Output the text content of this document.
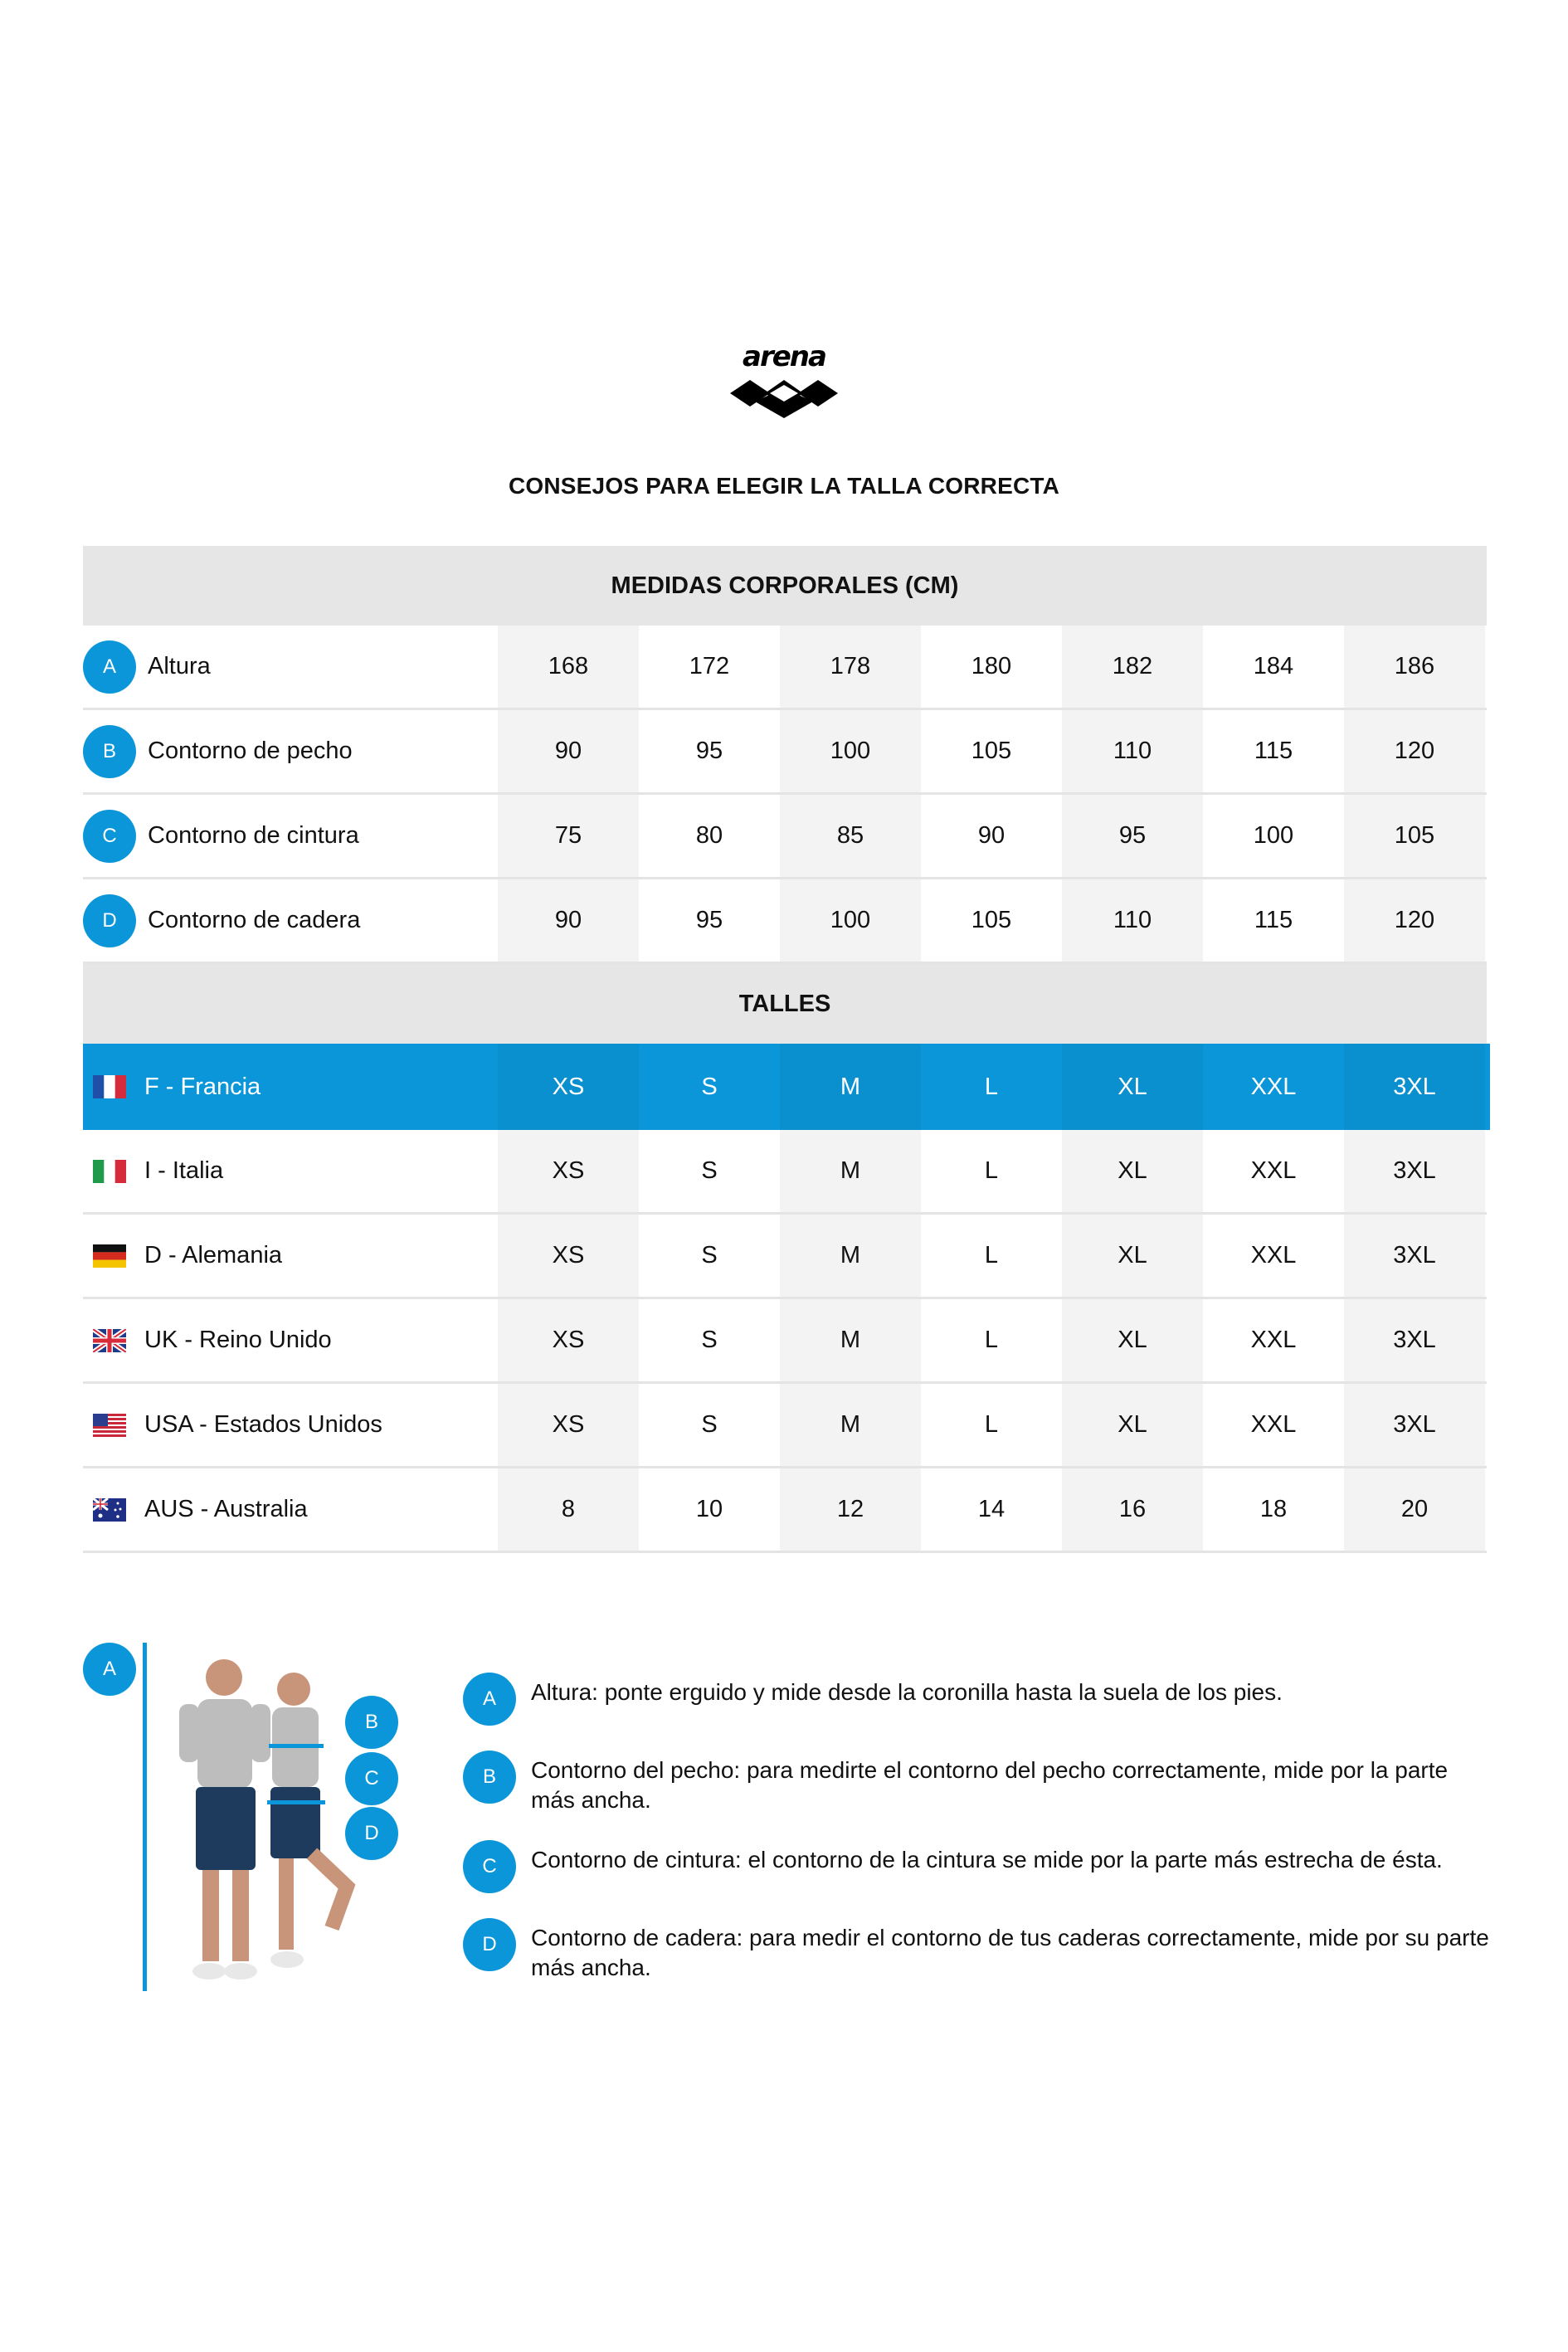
arena
CONSEJOS PARA ELEGIR LA TALLA CORRECTA
MEDIDAS CORPORALES (CM)
A	Altura	168	172	178	180	182	184	186
B	Contorno de pecho	90	95	100	105	110	115	120
C	Contorno de cintura	75	80	85	90	95	100	105
D	Contorno de cadera	90	95	100	105	110	115	120
TALLES
F - Francia	XS	S	M	L	XL	XXL	3XL
I - Italia	XS	S	M	L	XL	XXL	3XL
D - Alemania	XS	S	M	L	XL	XXL	3XL
UK - Reino Unido	XS	S	M	L	XL	XXL	3XL
USA - Estados Unidos	XS	S	M	L	XL	XXL	3XL
AUS - Australia	8	10	12	14	16	18	20
A
B
C
D
A	Altura: ponte erguido y mide desde la coronilla hasta la suela de los pies.
B	Contorno del pecho: para medirte el contorno del pecho correctamente, mide por la parte más ancha.
C	Contorno de cintura: el contorno de la cintura se mide por la parte más estrecha de ésta.
D	Contorno de cadera: para medir el contorno de tus caderas correctamente, mide por su parte más ancha.
